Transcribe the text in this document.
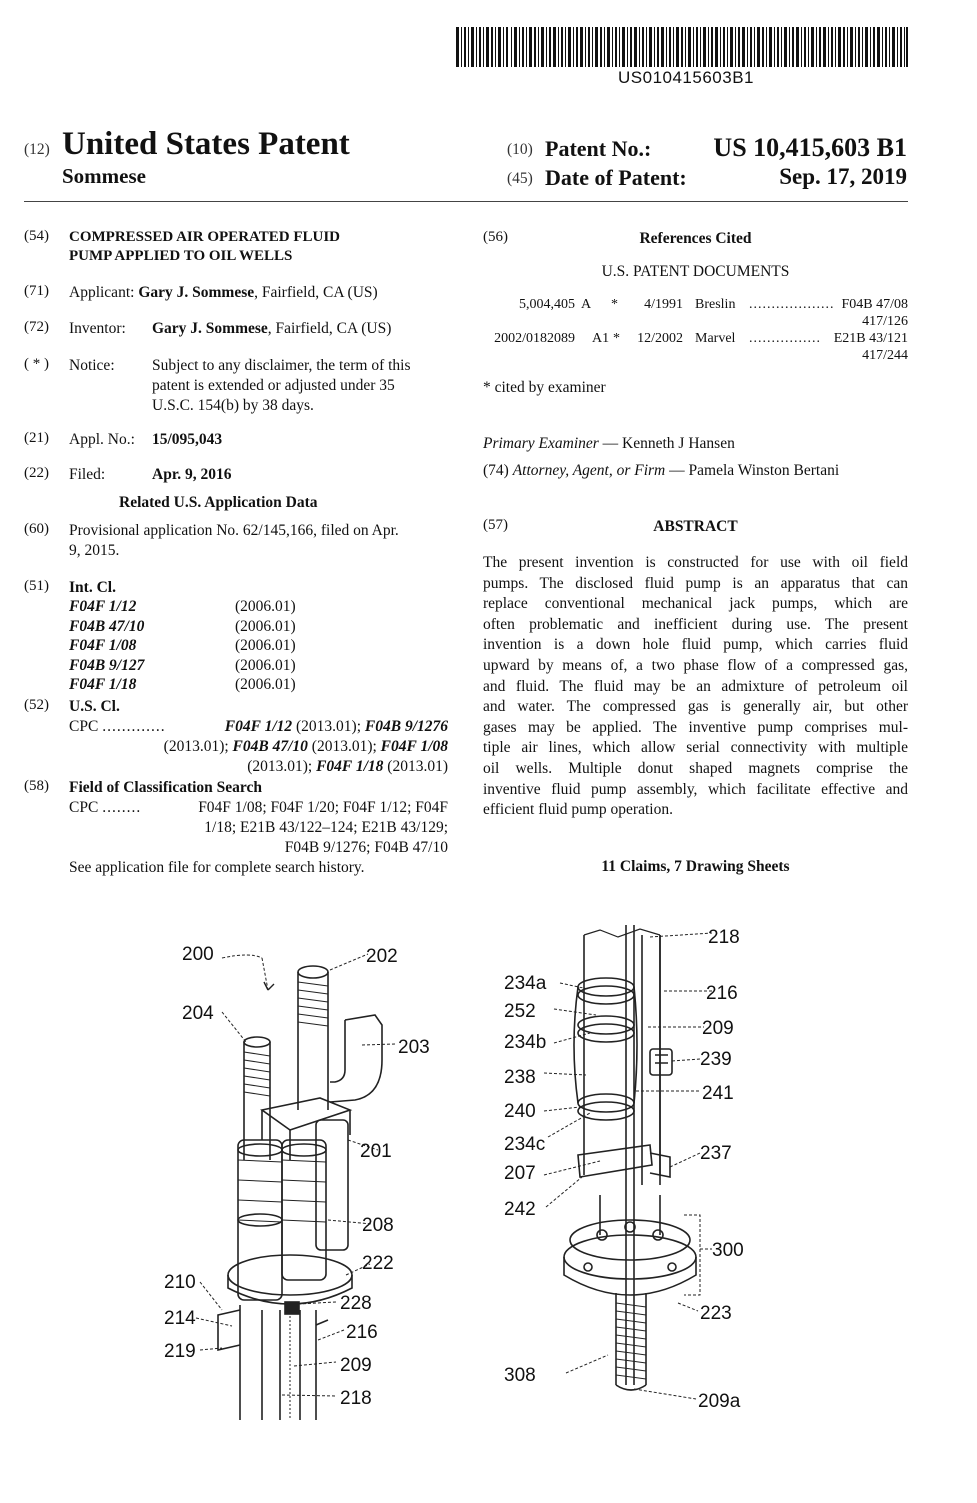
US010415603B1
(12) United States Patent
Sommese
(10) Patent No.: US 10,415,603 B1
(45) Date of Patent:	Sep. 17, 2019
(54) COMPRESSED AIR OPERATED FLUID
PUMP APPLIED TO OIL WELLS
(71) Applicant: Gary J. Sommese, Fairfield, CA (US)
(72) Inventor: Gary J. Sommese, Fairfield, CA (US)
( * ) Notice: Subject to any disclaimer, the term of this
patent is extended or adjusted under 35
U.S.C. 154(b) by 38 days.
(21) Appl. No.: 15/095,043
(22) Filed:	Apr. 9, 2016
Related U.S. Application Data
(60) Provisional application No. 62/145,166, filed on Apr.
9, 2015.
(51) Int. Cl.
F04F 1/12	(2006.01)
F04B 47/10	(2006.01)
F04F 1/08	(2006.01)
F04B 9/127	(2006.01)
F04F 1/18	(2006.01)
(52) U.S. Cl.
CPC .............	F04F 1/12 (2013.01); F04B 9/1276
(2013.01); F04B 47/10 (2013.01); F04F 1/08
(2013.01); F04F 1/18 (2013.01)
(58) Field of Classification Search
CPC ........	F04F 1/08; F04F 1/20; F04F 1/12; F04F
1/18; E21B 43/122–124; E21B 43/129;
F04B 9/1276; F04B 47/10
See application file for complete search history.
(56)	References Cited
U.S. PATENT DOCUMENTS
5,004,405 A * 4/1991 Breslin ................... F04B 47/08
417/126
2002/0182089 A1 * 12/2002 Marvel ................ E21B 43/121
417/244
* cited by examiner
Primary Examiner — Kenneth J Hansen
(74) Attorney, Agent, or Firm — Pamela Winston Bertani
(57)	ABSTRACT
The present invention is constructed for use with oil field
pumps. The disclosed fluid pump is an apparatus that can
replace conventional mechanical jack pumps, which are
often problematic and inefficient during use. The present
invention is a down hole fluid pump, which carries fluid
upward by means of, a two phase flow of a compressed gas,
and fluid. The fluid may be an admixture of petroleum oil
and water. The compressed gas is generally air, but other
gases may be applied. The inventive pump comprises mul-
tiple air lines, which allow serial connectivity with multiple
oil wells. Multiple donut shaped magnets comprise the
inventive fluid pump assembly, which facilitate effective and
efficient fluid pump operation.
11 Claims, 7 Drawing Sheets
200	202
204
203
201
208
222
210
228
214
216
219
209
218
218
234a	216
252
209
234b
239
238
241
240
234c	237
207
242
300
223
308
209a
